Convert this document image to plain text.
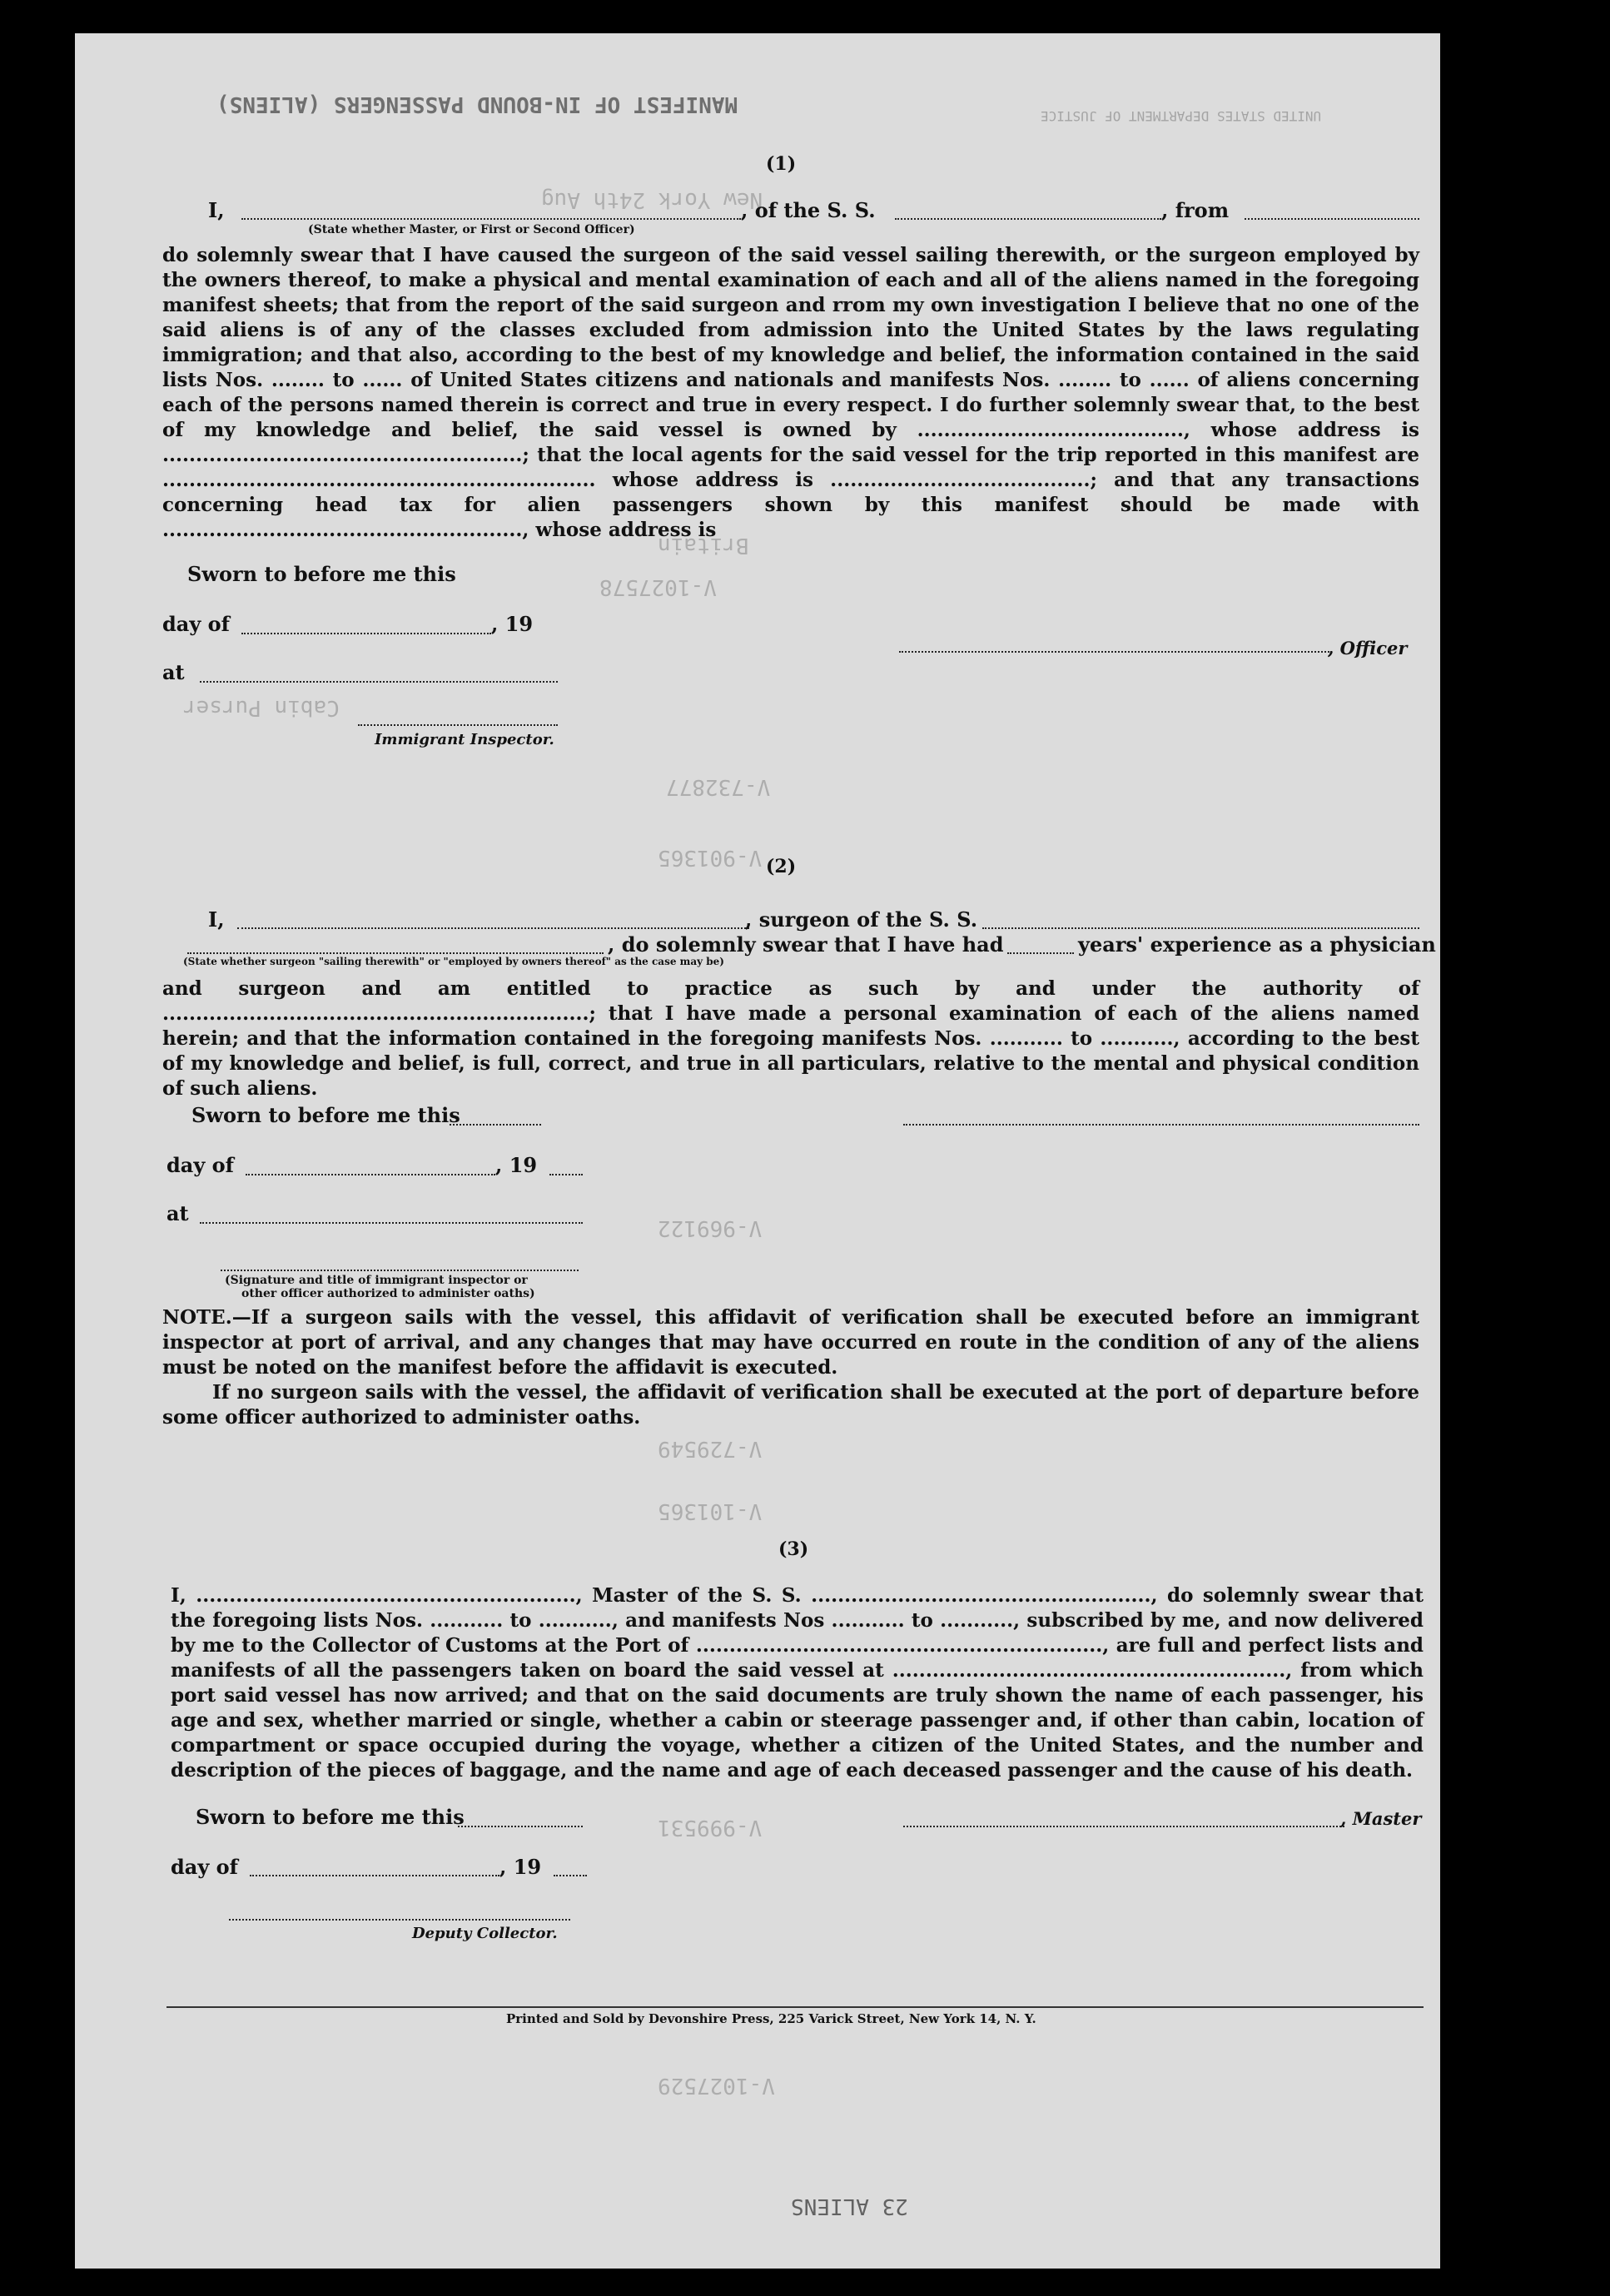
MANIFEST OF IN-BOUND PASSENGERS (ALIENS)	UNITED STATES DEPARTMENT OF JUSTICE
New York 24th Aug
Britain
V-1027578
Cabin Purser
V-732877
V-901365
V-969122
V-729549
V-101365
V-999531
V-1027529
(1)
I,	, of the S. S.	, from
(State whether Master, or First or Second Officer)
do solemnly swear that I have caused the surgeon of the said vessel sailing therewith, or the surgeon employed by the owners thereof, to make a physical and mental examination of each and all of the aliens named in the foregoing manifest sheets; that from the report of the said surgeon and rrom my own investigation I believe that no one of the said aliens is of any of the classes excluded from admission into the United States by the laws regulating immigration; and that also, according to the best of my knowledge and belief, the information contained in the said lists Nos. ........ to ...... of United States citizens and nationals and manifests Nos. ........ to ...... of aliens concerning each of the persons named therein is correct and true in every respect. I do further solemnly swear that, to the best of my knowledge and belief, the said vessel is owned by ........................................, whose address is ......................................................; that the local agents for the said vessel for the trip reported in this manifest are ................................................................. whose address is .......................................; and that any transactions concerning head tax for alien passengers shown by this manifest should be made with ......................................................, whose address is
Sworn to before me this
day of	, 19
, Officer
at
Immigrant Inspector.
(2)
I,	, surgeon of the S. S.
, do solemnly swear that I have had	years' experience as a physician
(State whether surgeon "sailing therewith" or "employed by owners thereof" as the case may be)
and surgeon and am entitled to practice as such by and under the authority of ................................................................; that I have made a personal examination of each of the aliens named herein; and that the information contained in the foregoing manifests Nos. ........... to ..........., according to the best of my knowledge and belief, is full, correct, and true in all particulars, relative to the mental and physical condition of such aliens.
Sworn to before me this
day of	, 19
at
(Signature and title of immigrant inspector or
other officer authorized to administer oaths)
NOTE.—If a surgeon sails with the vessel, this affidavit of verification shall be executed before an immigrant inspector at port of arrival, and any changes that may have occurred en route in the condition of any of the aliens must be noted on the manifest before the affidavit is executed.
If no surgeon sails with the vessel, the affidavit of verification shall be executed at the port of departure before some officer authorized to administer oaths.
(3)
I, ........................................................., Master of the S. S. ..................................................., do solemnly swear that the foregoing lists Nos. ........... to ..........., and manifests Nos ........... to ..........., subscribed by me, and now delivered by me to the Collector of Customs at the Port of ............................................................., are full and perfect lists and manifests of all the passengers taken on board the said vessel at ..........................................................., from which port said vessel has now arrived; and that on the said documents are truly shown the name of each passenger, his age and sex, whether married or single, whether a cabin or steerage passenger and, if other than cabin, location of compartment or space occupied during the voyage, whether a citizen of the United States, and the number and description of the pieces of baggage, and the name and age of each deceased passenger and the cause of his death.
Sworn to before me this	, Master
day of	, 19
Deputy Collector.
Printed and Sold by Devonshire Press, 225 Varick Street, New York 14, N. Y.
23 ALIENS
